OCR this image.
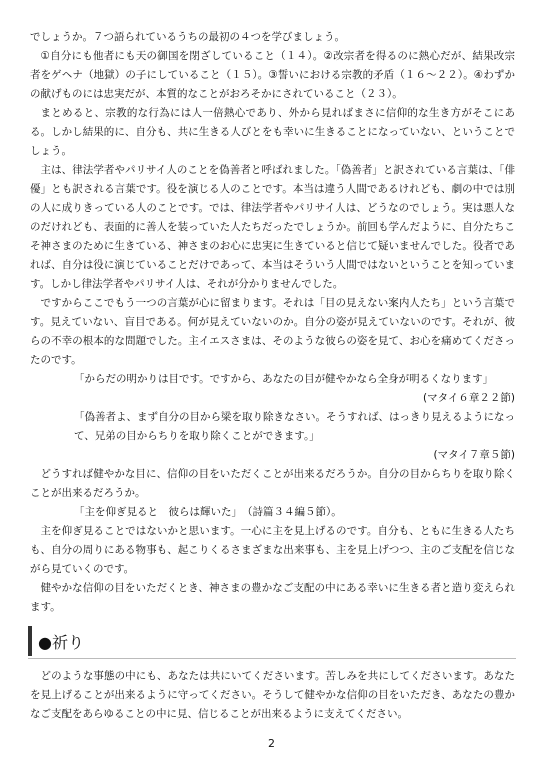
でしょうか。７つ語られているうちの最初の４つを学びましょう。

①自分にも他者にも天の御国を閉ざしていること（１４）。②改宗者を得るのに熱心だが、結果改宗者をゲヘナ（地獄）の子にしていること（１５）。③誓いにおける宗教的矛盾（１６～２２）。④わずかの献げものには忠実だが、本質的なことがおろそかにされていること（２３）。

まとめると、宗教的な行為には人一倍熱心であり、外から見ればまさに信仰的な生き方がそこにある。しかし結果的に、自分も、共に生きる人びとをも幸いに生きることになっていない、ということでしょう。

主は、律法学者やパリサイ人のことを偽善者と呼ばれました。「偽善者」と訳されている言葉は、「俳優」とも訳される言葉です。役を演じる人のことです。本当は違う人間であるけれども、劇の中では別の人に成りきっている人のことです。では、律法学者やパリサイ人は、どうなのでしょう。実は悪人なのだけれども、表面的に善人を装っていた人たちだったでしょうか。前回も学んだように、自分たちこそ神さまのために生きている、神さまのお心に忠実に生きていると信じて疑いませんでした。役者であれば、自分は役に演じていることだけであって、本当はそういう人間ではないということを知っています。しかし律法学者やパリサイ人は、それが分かりませんでした。

ですからここでもう一つの言葉が心に留まります。それは「目の見えない案内人たち」という言葉です。見えていない、盲目である。何が見えていないのか。自分の姿が見えていないのです。それが、彼らの不幸の根本的な問題でした。主イエスさまは、そのような彼らの姿を見て、お心を痛めてくださったのです。

「からだの明かりは目です。ですから、あなたの目が健やかなら全身が明るくなります」

(マタイ６章２２節)

「偽善者よ、まず自分の目から梁を取り除きなさい。そうすれば、はっきり見えるようになって、兄弟の目からちりを取り除くことができます。」

(マタイ７章５節)

どうすれば健やかな目に、信仰の目をいただくことが出来るだろうか。自分の目からちりを取り除くことが出来るだろうか。

「主を仰ぎ見ると　彼らは輝いた」　（詩篇３４編５節）。

主を仰ぎ見ることではないかと思います。一心に主を見上げるのです。自分も、ともに生きる人たちも、自分の周りにある物事も、起こりくるさまざまな出来事も、主を見上げつつ、主のご支配を信じながら見ていくのです。

健やかな信仰の目をいただくとき、神さまの豊かなご支配の中にある幸いに生きる者と造り変えられます。

●祈り

どのような事態の中にも、あなたは共にいてくださいます。苦しみを共にしてくださいます。あなたを見上げることが出来るように守ってください。そうして健やかな信仰の目をいただき、あなたの豊かなご支配をあらゆることの中に見、信じることが出来るように支えてください。

2
